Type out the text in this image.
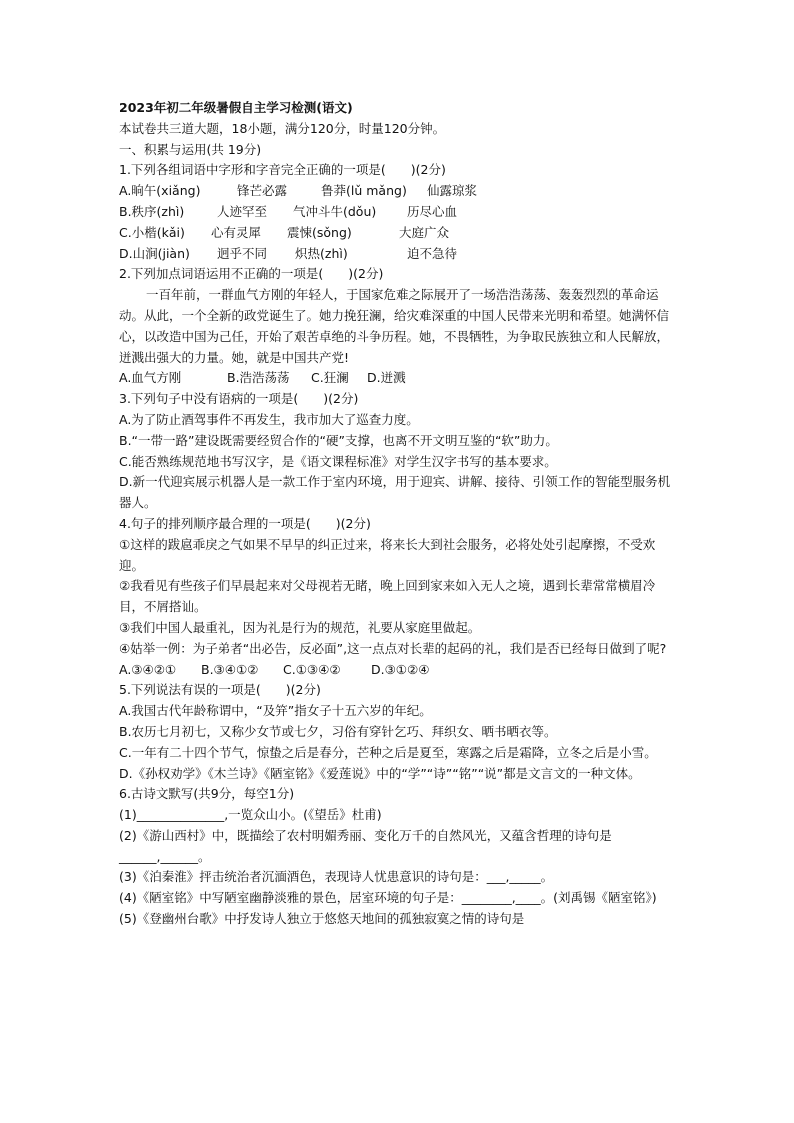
2023年初二年级暑假自主学习检测(语文)
本试卷共三道大题，18小题，满分120分，时量120分钟。
一、积累与运用(共 19分)
1.下列各组词语中字形和字音完全正确的一项是(　　)(2分)
A.晌午(xiǎng)	锋芒必露	鲁莽(lǔ mǎng)	仙露琼浆
B.秩序(zhì)	人迹罕至	气冲斗牛(dǒu)	历尽心血
C.小楷(kǎi)	心有灵犀	震悚(sǒng)	大庭广众
D.山涧(jiàn)	迥乎不同	炽热(zhì)	迫不急待
2.下列加点词语运用不正确的一项是(　　)(2分)
一百年前，一群血气方刚的年轻人，于国家危难之际展开了一场浩浩荡荡、轰轰烈烈的革命运动。从此，一个全新的政党诞生了。她力挽狂澜，给灾难深重的中国人民带来光明和希望。她满怀信心，以改造中国为己任，开始了艰苦卓绝的斗争历程。她，不畏牺牲，为争取民族独立和人民解放，迸溅出强大的力量。她，就是中国共产党!
A.血气方刚	B.浩浩荡荡	C.狂澜	D.迸溅
3.下列句子中没有语病的一项是(　　)(2分)
A.为了防止酒驾事件不再发生，我市加大了巡查力度。
B.“一带一路”建设既需要经贸合作的“硬”支撑，也离不开文明互鉴的“软”助力。
C.能否熟练规范地书写汉字，是《语文课程标准》对学生汉字书写的基本要求。
D.新一代迎宾展示机器人是一款工作于室内环境，用于迎宾、讲解、接待、引领工作的智能型服务机器人。
4.句子的排列顺序最合理的一项是(　　)(2分)
①这样的跋扈乖戾之气如果不早早的纠正过来，将来长大到社会服务，必将处处引起摩擦，不受欢迎。
②我看见有些孩子们早晨起来对父母视若无睹，晚上回到家来如入无人之境，遇到长辈常常横眉冷目，不屑搭讪。
③我们中国人最重礼，因为礼是行为的规范，礼要从家庭里做起。
④姑举一例：为子弟者“出必告，反必面”,这一点点对长辈的起码的礼，我们是否已经每日做到了呢?
A.③④②①	B.③④①②	C.①③④②	D.③①②④
5.下列说法有误的一项是(　　)(2分)
A.我国古代年龄称谓中，“及笄”指女子十五六岁的年纪。
B.农历七月初七，又称少女节或七夕，习俗有穿针乞巧、拜织女、晒书晒衣等。
C.一年有二十四个节气，惊蛰之后是春分，芒种之后是夏至，寒露之后是霜降，立冬之后是小雪。
D.《孙权劝学》《木兰诗》《陋室铭》《爱莲说》中的“学”“诗”“铭”“说”都是文言文的一种文体。
6.古诗文默写(共9分，每空1分)
(1)______________,一览众山小。(《望岳》杜甫)
(2)《游山西村》中，既描绘了农村明媚秀丽、变化万千的自然风光，又蕴含哲理的诗句是______,______。
(3)《泊秦淮》抨击统治者沉湎酒色，表现诗人忧患意识的诗句是：___,_____。
(4)《陋室铭》中写陋室幽静淡雅的景色，居室环境的句子是：________,____。(刘禹锡《陋室铭》)
(5)《登幽州台歌》中抒发诗人独立于悠悠天地间的孤独寂寞之情的诗句是
